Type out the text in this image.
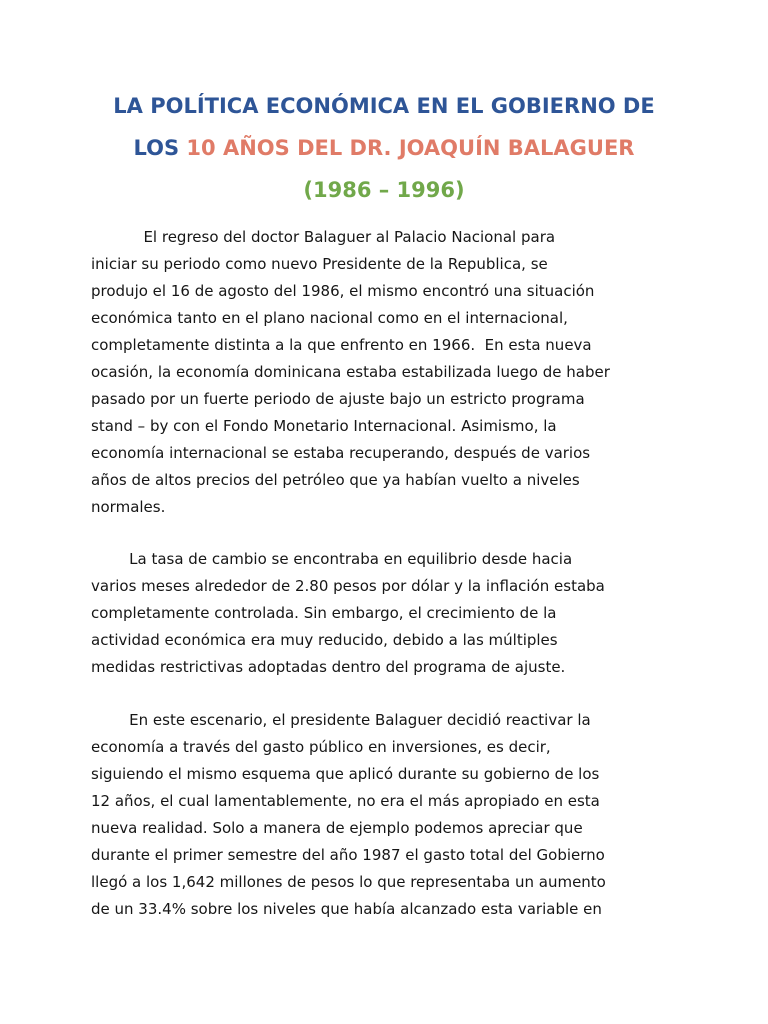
LA POLÍTICA ECONÓMICA EN EL GOBIERNO DE
LOS 10 AÑOS DEL DR. JOAQUÍN BALAGUER
(1986 – 1996)
El regreso del doctor Balaguer al Palacio Nacional para
iniciar su periodo como nuevo Presidente de la Republica, se
produjo el 16 de agosto del 1986, el mismo encontró una situación
económica tanto en el plano nacional como en el internacional,
completamente distinta a la que enfrento en 1966.  En esta nueva
ocasión, la economía dominicana estaba estabilizada luego de haber
pasado por un fuerte periodo de ajuste bajo un estricto programa
stand – by con el Fondo Monetario Internacional. Asimismo, la
economía internacional se estaba recuperando, después de varios
años de altos precios del petróleo que ya habían vuelto a niveles
normales.
La tasa de cambio se encontraba en equilibrio desde hacia
varios meses alrededor de 2.80 pesos por dólar y la inflación estaba
completamente controlada. Sin embargo, el crecimiento de la
actividad económica era muy reducido, debido a las múltiples
medidas restrictivas adoptadas dentro del programa de ajuste.
En este escenario, el presidente Balaguer decidió reactivar la
economía a través del gasto público en inversiones, es decir,
siguiendo el mismo esquema que aplicó durante su gobierno de los
12 años, el cual lamentablemente, no era el más apropiado en esta
nueva realidad. Solo a manera de ejemplo podemos apreciar que
durante el primer semestre del año 1987 el gasto total del Gobierno
llegó a los 1,642 millones de pesos lo que representaba un aumento
de un 33.4% sobre los niveles que había alcanzado esta variable en
